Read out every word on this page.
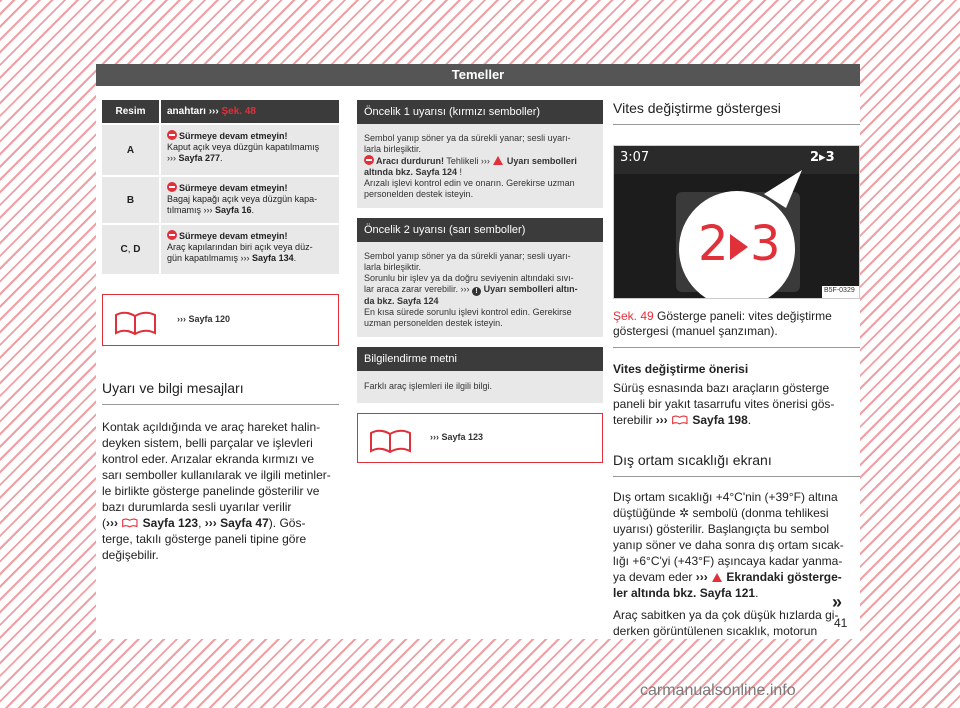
Temeller
Resim	anahtarı ››› Şek. 48
A	Sürmeye devam etmeyin!
Kaput açık veya düzgün kapatılmamış
››› Sayfa 277.
B	Sürmeye devam etmeyin!
Bagaj kapağı açık veya düzgün kapa-
tılmamış ››› Sayfa 16.
C, D	Sürmeye devam etmeyin!
Araç kapılarından biri açık veya düz-
gün kapatılmamış ››› Sayfa 134.
››› Sayfa 120
Uyarı ve bilgi mesajları

Kontak açıldığında ve araç hareket halin-
deyken sistem, belli parçalar ve işlevleri
kontrol eder. Arızalar ekranda kırmızı ve
sarı semboller kullanılarak ve ilgili metinler-
le birlikte gösterge panelinde gösterilir ve
bazı durumlarda sesli uyarılar verilir
(›››  Sayfa 123, ››› Sayfa 47). Gös-
terge, takılı gösterge paneli tipine göre
değişebilir.

Öncelik 1 uyarısı (kırmızı semboller)
Sembol yanıp söner ya da sürekli yanar; sesli uyarı-
larla birleşiktir.
Aracı durdurun! Tehlikeli ››› Uyarı sembolleri
altında bkz. Sayfa 124 !
Arızalı işlevi kontrol edin ve onarın. Gerekirse uzman
personelden destek isteyin.
Öncelik 2 uyarısı (sarı semboller)
Sembol yanıp söner ya da sürekli yanar; sesli uyarı-
larla birleşiktir.
Sorunlu bir işlev ya da doğru seviyenin altındaki sıvı-
lar araca zarar verebilir. ››› ! Uyarı sembolleri altın-
da bkz. Sayfa 124
En kısa sürede sorunlu işlevi kontrol edin. Gerekirse
uzman personelden destek isteyin.
Bilgilendirme metni
Farklı araç işlemleri ile ilgili bilgi.
››› Sayfa 123
Vites değiştirme göstergesi
3:07	2▸3
2 3
B5F-0329

Şek. 49 Gösterge paneli: vites değiştirme
göstergesi (manuel şanzıman).

Vites değiştirme önerisi

Sürüş esnasında bazı araçların gösterge
paneli bir yakıt tasarrufu vites önerisi gös-
terebilir ›››  Sayfa 198.

Dış ortam sıcaklığı ekranı

Dış ortam sıcaklığı +4°C'nin (+39°F) altına
düştüğünde ✲ sembolü (donma tehlikesi
uyarısı) gösterilir. Başlangıçta bu sembol
yanıp söner ve daha sonra dış ortam sıcak-
lığı +6°C'yi (+43°F) aşıncaya kadar yanma-
ya devam eder ›››  Ekrandaki gösterge-
ler altında bkz. Sayfa 121.

Araç sabitken ya da çok düşük hızlarda gi-
derken görüntülenen sıcaklık, motorun

»
41
carmanualsonline.info
